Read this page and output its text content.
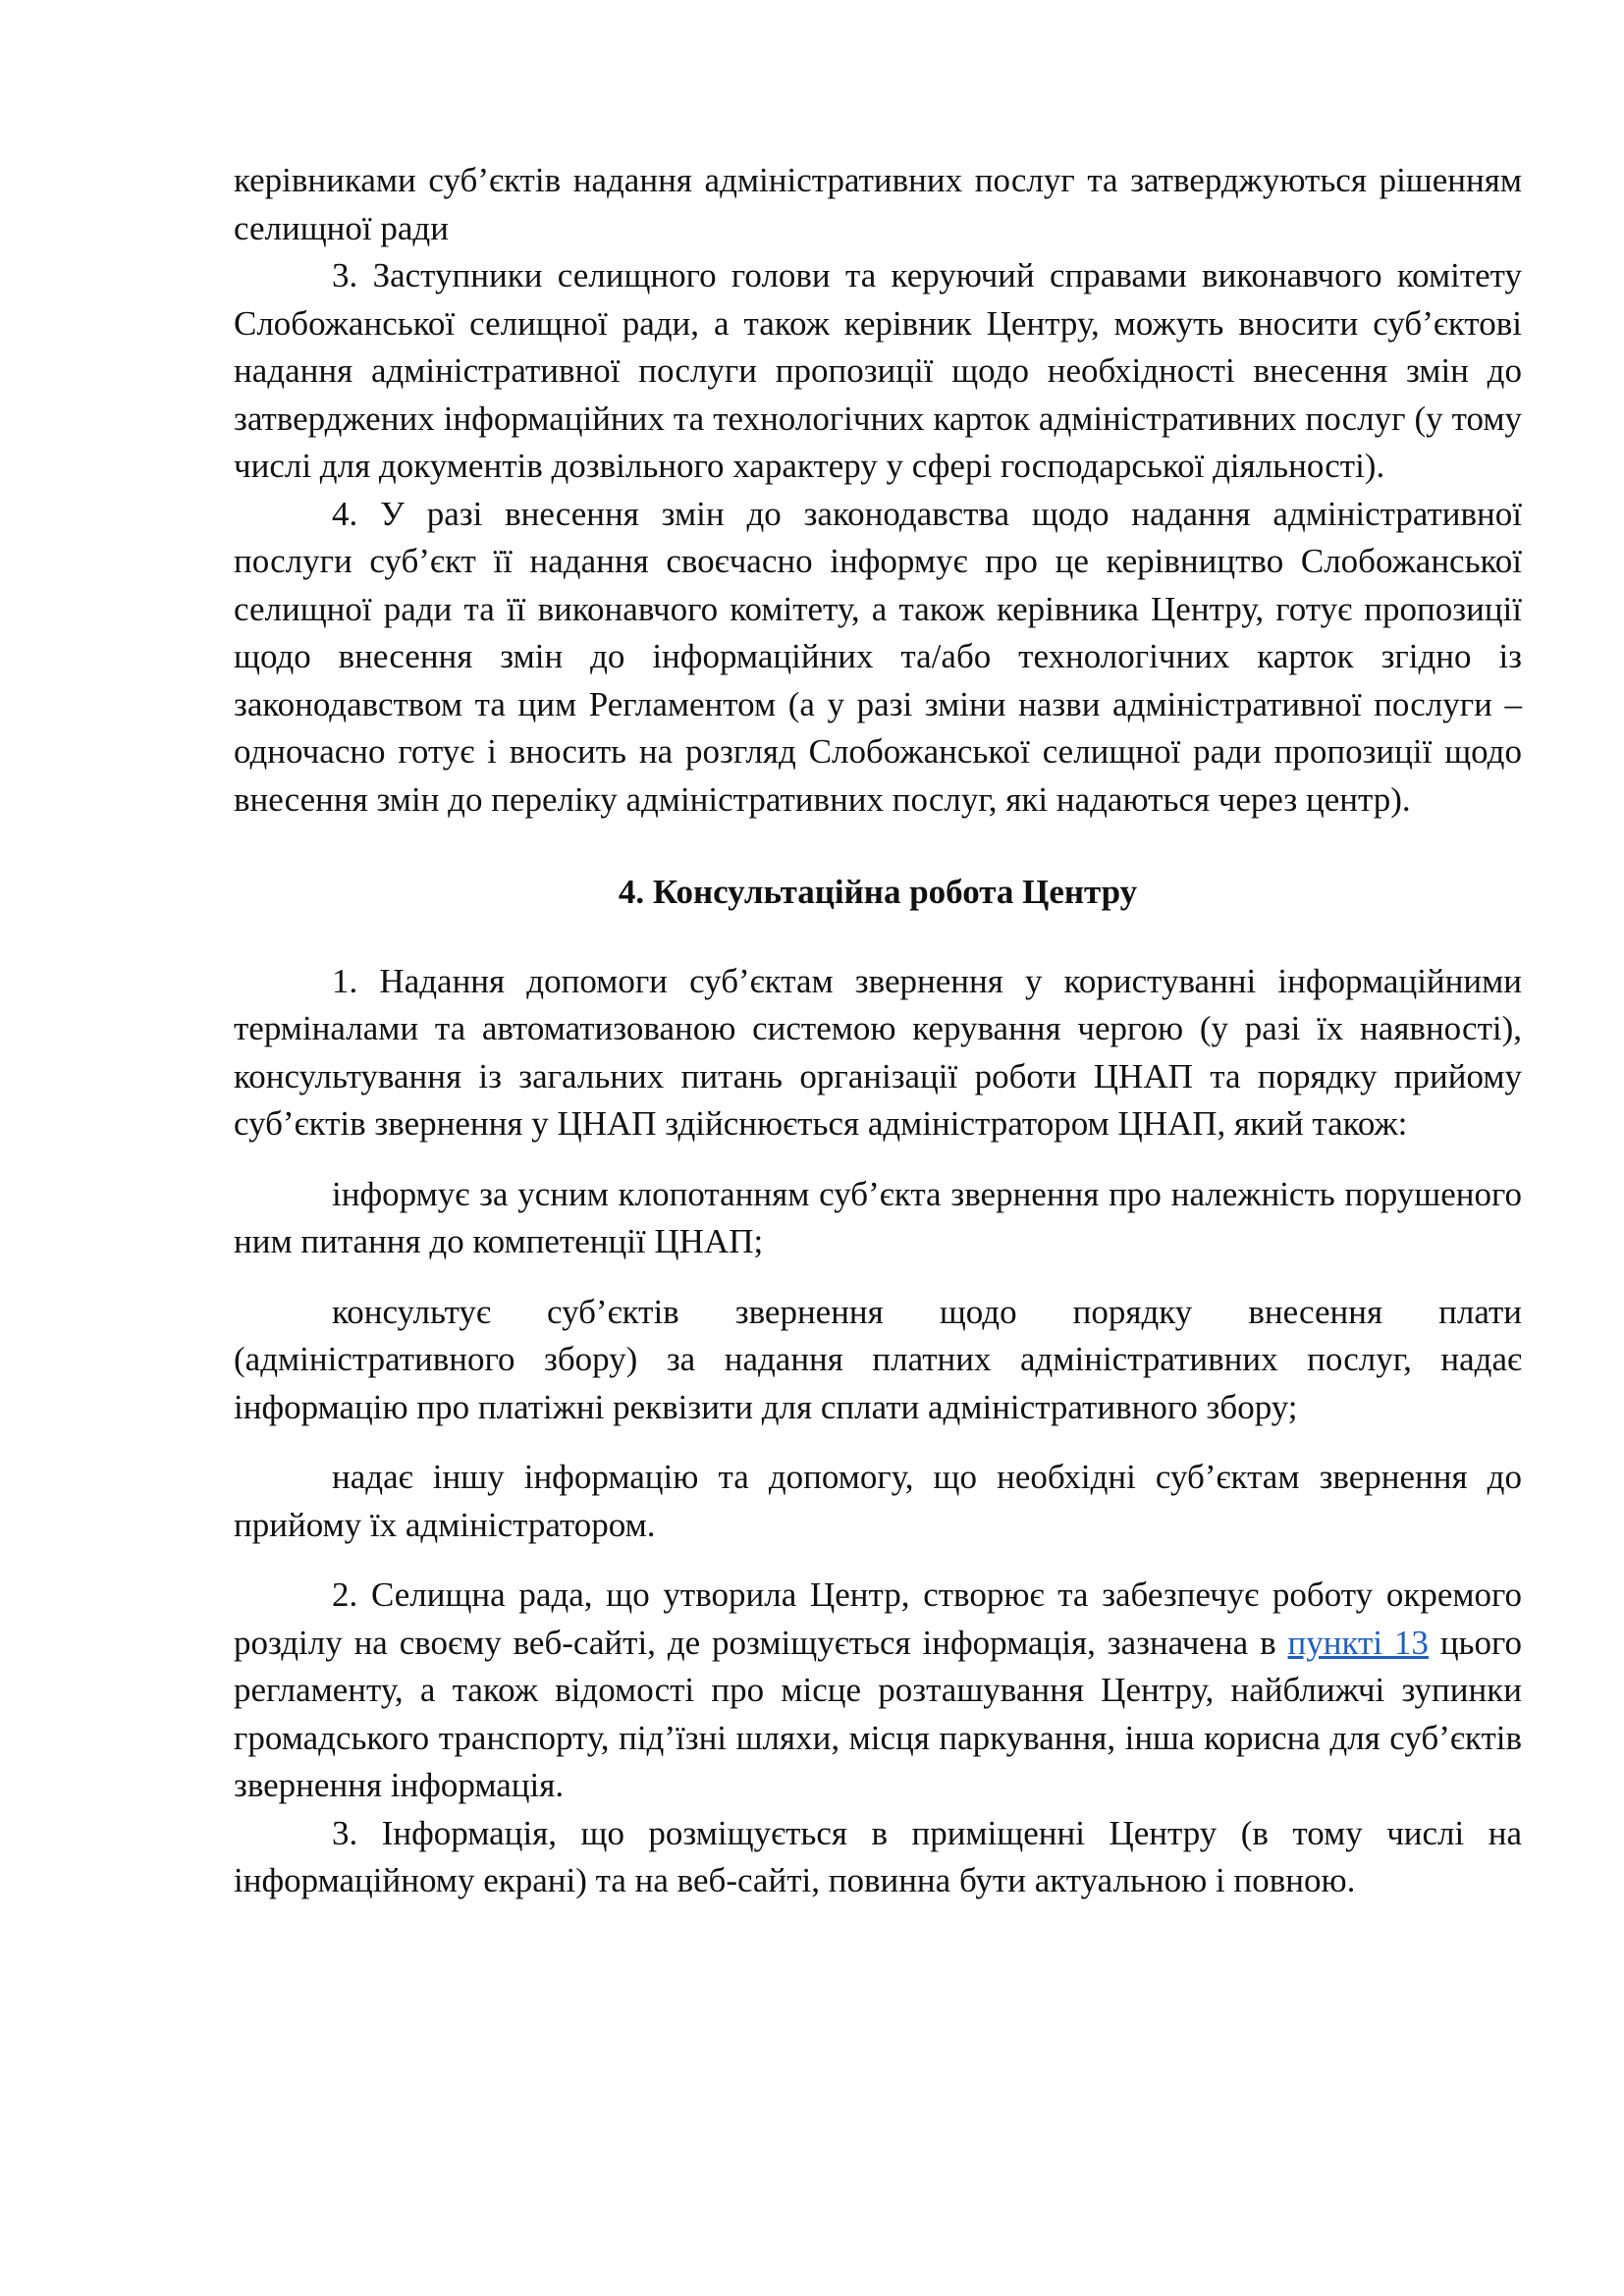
керівниками суб’єктів надання адміністративних послуг та затверджуються рішенням селищної ради

3. Заступники селищного голови та керуючий справами виконавчого комітету Слобожанської селищної ради, а також керівник Центру, можуть вносити суб’єктові надання адміністративної послуги пропозиції щодо необхідності внесення змін до затверджених інформаційних та технологічних карток адміністративних послуг (у тому числі для документів дозвільного характеру у сфері господарської діяльності).

4. У разі внесення змін до законодавства щодо надання адміністративної послуги суб’єкт її надання своєчасно інформує про це керівництво Слобожанської селищної ради та її виконавчого комітету, а також керівника Центру, готує пропозиції щодо внесення змін до інформаційних та/або технологічних карток згідно із законодавством та цим Регламентом (а у разі зміни назви адміністративної послуги – одночасно готує і вносить на розгляд Слобожанської селищної ради пропозиції щодо внесення змін до переліку адміністративних послуг, які надаються через центр).

4. Консультаційна робота Центру

1. Надання допомоги суб’єктам звернення у користуванні інформаційними терміналами та автоматизованою системою керування чергою (у разі їх наявності), консультування із загальних питань організації роботи ЦНАП та порядку прийому суб’єктів звернення у ЦНАП здійснюється адміністратором ЦНАП, який також:

інформує за усним клопотанням суб’єкта звернення про належність порушеного ним питання до компетенції ЦНАП;

консультує суб’єктів звернення щодо порядку внесення плати (адміністративного збору) за надання платних адміністративних послуг, надає інформацію про платіжні реквізити для сплати адміністративного збору;

надає іншу інформацію та допомогу, що необхідні суб’єктам звернення до прийому їх адміністратором.

2. Селищна рада, що утворила Центр, створює та забезпечує роботу окремого розділу на своєму веб-сайті, де розміщується інформація, зазначена в пункті 13 цього регламенту, а також відомості про місце розташування Центру, найближчі зупинки громадського транспорту, під’їзні шляхи, місця паркування, інша корисна для суб’єктів звернення інформація.

3. Інформація, що розміщується в приміщенні Центру (в тому числі на інформаційному екрані) та на веб-сайті, повинна бути актуальною і повною.
